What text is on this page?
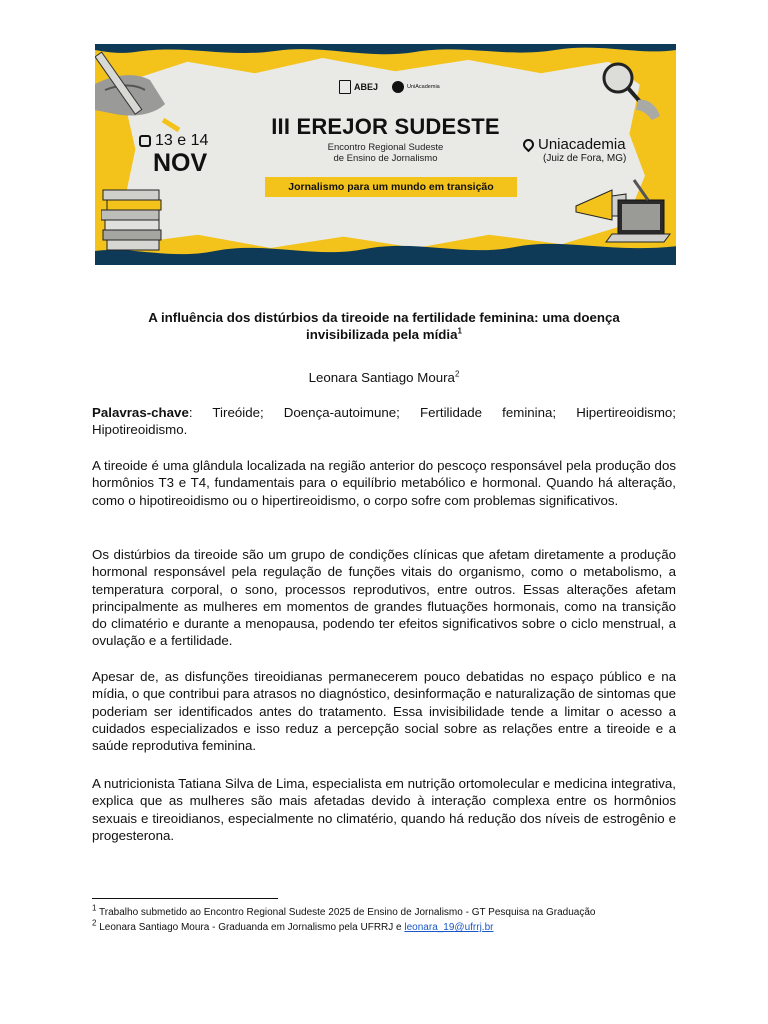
ABEJ	UniAcademia
III EREJOR SUDESTE
Encontro Regional Sudeste
de Ensino de Jornalismo
Jornalismo para um mundo em transição
13 e 14
NOV
Uniacademia
(Juiz de Fora, MG)
A influência dos distúrbios da tireoide na fertilidade feminina: uma doença
invisibilizada pela mídia$^1$
Leonara Santiago Moura$^2$
Palavras-chave: Tireóide; Doença-autoimune; Fertilidade feminina; Hipertireoidismo; Hipotireoidismo.
A tireoide é uma glândula localizada na região anterior do pescoço responsável pela produção dos hormônios T3 e T4, fundamentais para o equilíbrio metabólico e hormonal. Quando há alteração, como o hipotireoidismo ou o hipertireoidismo, o corpo sofre com problemas significativos.
Os distúrbios da tireoide são um grupo de condições clínicas que afetam diretamente a produção hormonal responsável pela regulação de funções vitais do organismo, como o metabolismo, a temperatura corporal, o sono, processos reprodutivos, entre outros. Essas alterações afetam principalmente as mulheres em momentos de grandes flutuações hormonais, como na transição do climatério e durante a menopausa, podendo ter efeitos significativos sobre o ciclo menstrual, a ovulação e a fertilidade.
Apesar de, as disfunções tireoidianas permanecerem pouco debatidas no espaço público e na mídia, o que contribui para atrasos no diagnóstico, desinformação e naturalização de sintomas que poderiam ser identificados antes do tratamento. Essa invisibilidade tende a limitar o acesso a cuidados especializados e isso reduz a percepção social sobre as relações entre a tireoide e a saúde reprodutiva feminina.
A nutricionista Tatiana Silva de Lima, especialista em nutrição ortomolecular e medicina integrativa, explica que as mulheres são mais afetadas devido à interação complexa entre os hormônios sexuais e tireoidianos, especialmente no climatério, quando há redução dos níveis de estrogênio e progesterona.
$^1$ Trabalho submetido ao Encontro Regional Sudeste 2025 de Ensino de Jornalismo - GT Pesquisa na Graduação
$^2$ Leonara Santiago Moura - Graduanda em Jornalismo pela UFRRJ e leonara_19@ufrrj.br
